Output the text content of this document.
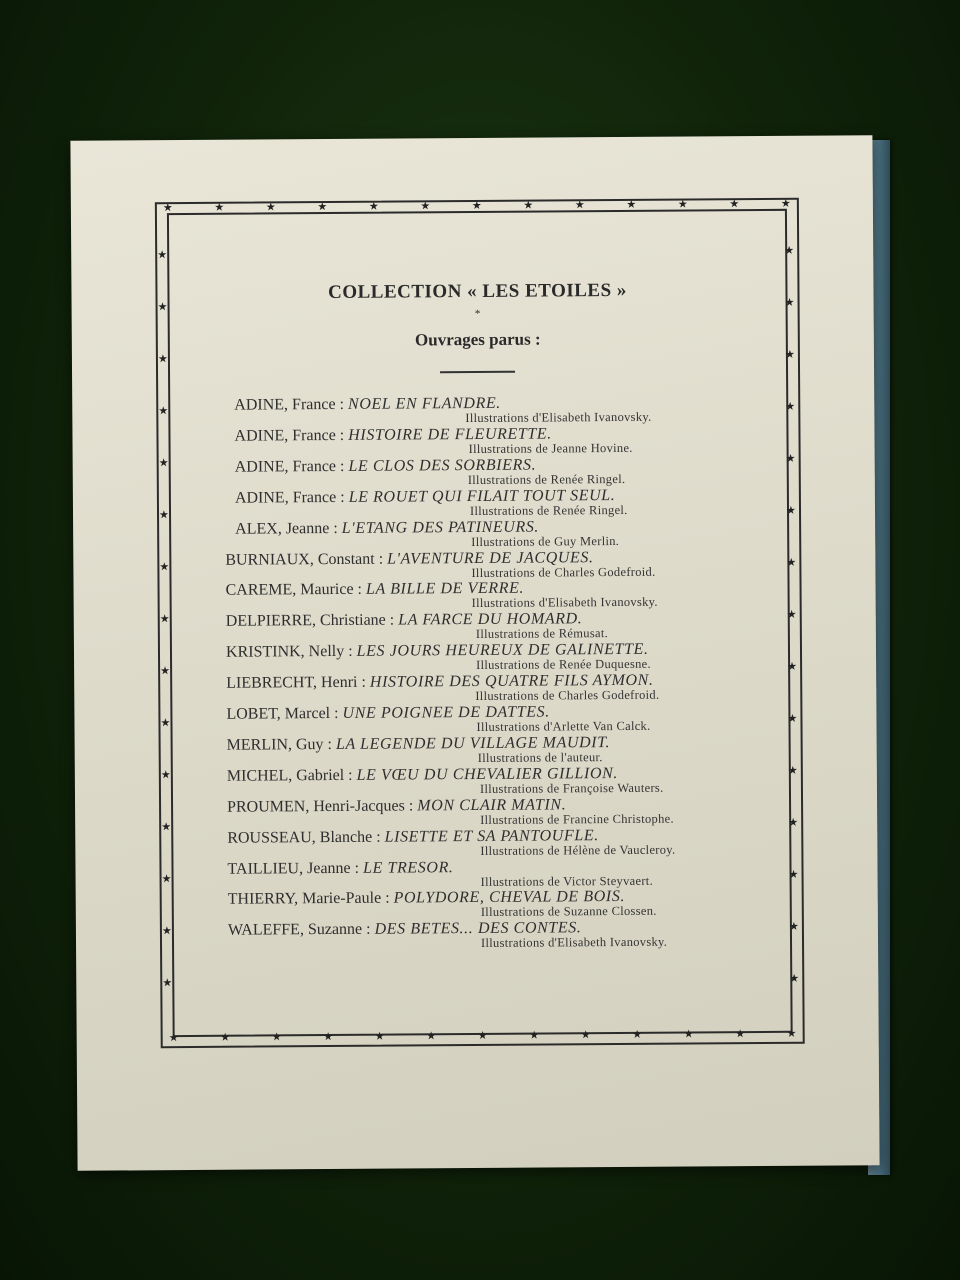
★
★
★
★
★
★
★
★
★
★
★
★
★
★
★
★
★
★
★
★
★
★
★
★
★
★
★	★
★	★
★	★
★	★
★	★
★	★
★	★
★	★
★	★
★	★
★	★
★	★
★	★
★	★
★	★
COLLECTION « LES ETOILES »
*
Ouvrages parus :
ADINE, France : NOEL EN FLANDRE.
Illustrations d'Elisabeth Ivanovsky.
ADINE, France : HISTOIRE DE FLEURETTE.
Illustrations de Jeanne Hovine.
ADINE, France : LE CLOS DES SORBIERS.
Illustrations de Renée Ringel.
ADINE, France : LE ROUET QUI FILAIT TOUT SEUL.
Illustrations de Renée Ringel.
ALEX, Jeanne : L'ETANG DES PATINEURS.
Illustrations de Guy Merlin.
BURNIAUX, Constant : L'AVENTURE DE JACQUES.
Illustrations de Charles Godefroid.
CAREME, Maurice : LA BILLE DE VERRE.
Illustrations d'Elisabeth Ivanovsky.
DELPIERRE, Christiane : LA FARCE DU HOMARD.
Illustrations de Rémusat.
KRISTINK, Nelly : LES JOURS HEUREUX DE GALINETTE.
Illustrations de Renée Duquesne.
LIEBRECHT, Henri : HISTOIRE DES QUATRE FILS AYMON.
Illustrations de Charles Godefroid.
LOBET, Marcel : UNE POIGNEE DE DATTES.
Illustrations d'Arlette Van Calck.
MERLIN, Guy : LA LEGENDE DU VILLAGE MAUDIT.
Illustrations de l'auteur.
MICHEL, Gabriel : LE VŒU DU CHEVALIER GILLION.
Illustrations de Françoise Wauters.
PROUMEN, Henri-Jacques : MON CLAIR MATIN.
Illustrations de Francine Christophe.
ROUSSEAU, Blanche : LISETTE ET SA PANTOUFLE.
Illustrations de Hélène de Vaucleroy.
TAILLIEU, Jeanne : LE TRESOR.
Illustrations de Victor Steyvaert.
THIERRY, Marie-Paule : POLYDORE, CHEVAL DE BOIS.
Illustrations de Suzanne Clossen.
WALEFFE, Suzanne : DES BETES... DES CONTES.
Illustrations d'Elisabeth Ivanovsky.
